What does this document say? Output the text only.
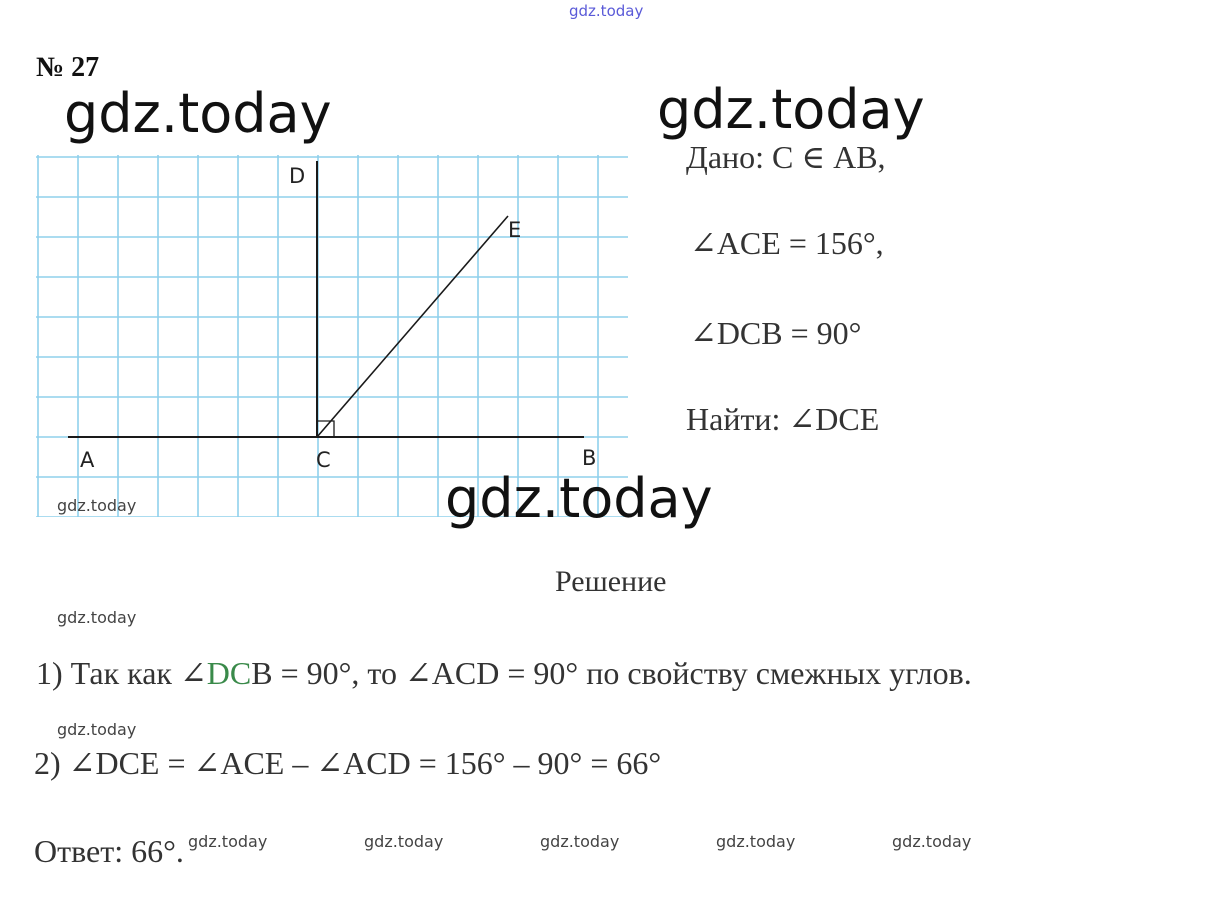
gdz.today
№ 27
A	C	B
D
E
gdz.today	gdz.today
gdz.today
gdz.today
Дано: С ∈ АВ,
∠ACE = 156°,
∠DCB = 90°
Найти: ∠DCE
Решение
gdz.today
1) Так как ∠DCB = 90°, то ∠ACD = 90° по свойству смежных углов.
gdz.today
2) ∠DCE = ∠ACE – ∠ACD = 156° – 90° = 66°
Ответ: 66°. gdz.today	gdz.today	gdz.today	gdz.today	gdz.today
